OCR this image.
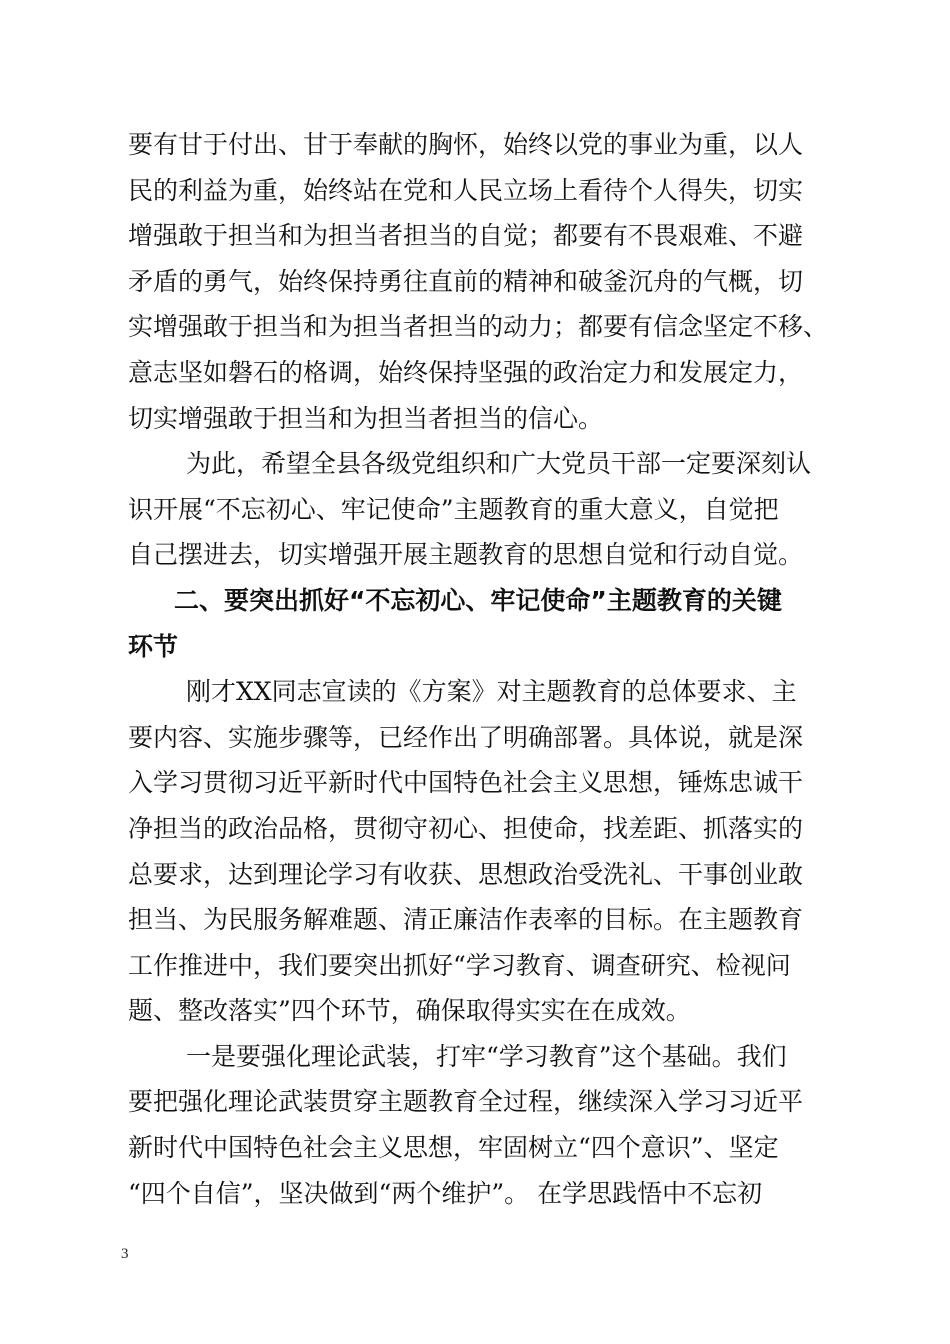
要有甘于付出、甘于奉献的胸怀，始终以党的事业为重，以人
民的利益为重，始终站在党和人民立场上看待个人得失，切实
增强敢于担当和为担当者担当的自觉；都要有不畏艰难、不避
矛盾的勇气，始终保持勇往直前的精神和破釜沉舟的气概，切
实增强敢于担当和为担当者担当的动力；都要有信念坚定不移、
意志坚如磐石的格调，始终保持坚强的政治定力和发展定力，
切实增强敢于担当和为担当者担当的信心。
为此，希望全县各级党组织和广大党员干部一定要深刻认
识开展“不忘初心、牢记使命”主题教育的重大意义，自觉把
自己摆进去，切实增强开展主题教育的思想自觉和行动自觉。
二、要突出抓好“不忘初心、牢记使命”主题教育的关键
环节
刚才XX同志宣读的《方案》对主题教育的总体要求、主
要内容、实施步骤等，已经作出了明确部署。具体说，就是深
入学习贯彻习近平新时代中国特色社会主义思想，锤炼忠诚干
净担当的政治品格，贯彻守初心、担使命，找差距、抓落实的
总要求，达到理论学习有收获、思想政治受洗礼、干事创业敢
担当、为民服务解难题、清正廉洁作表率的目标。在主题教育
工作推进中，我们要突出抓好“学习教育、调查研究、检视问
题、整改落实”四个环节，确保取得实实在在成效。
一是要强化理论武装，打牢“学习教育”这个基础。我们
要把强化理论武装贯穿主题教育全过程，继续深入学习习近平
新时代中国特色社会主义思想，牢固树立“四个意识”、坚定
“四个自信”，坚决做到“两个维护”。 在学思践悟中不忘初
3
